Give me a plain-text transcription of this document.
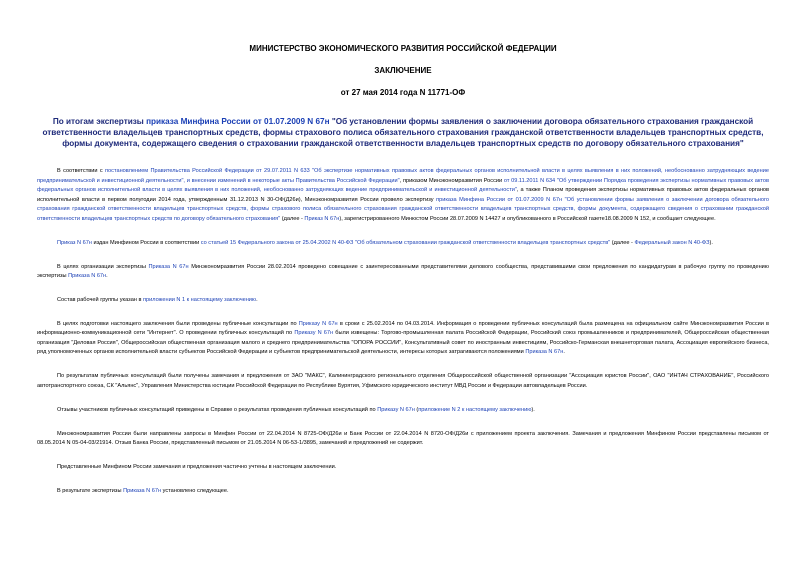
МИНИСТЕРСТВО ЭКОНОМИЧЕСКОГО РАЗВИТИЯ РОССИЙСКОЙ ФЕДЕРАЦИИ
ЗАКЛЮЧЕНИЕ
от 27 мая 2014 года N 11771-ОФ
По итогам экспертизы приказа Минфина России от 01.07.2009 N 67н "Об установлении формы заявления о заключении договора обязательного страхования гражданской ответственности владельцев транспортных средств, формы страхового полиса обязательного страхования гражданской ответственности владельцев транспортных средств, формы документа, содержащего сведения о страховании гражданской ответственности владельцев транспортных средств по договору обязательного страхования"

В соответствии с постановлением Правительства Российской Федерации от 29.07.2011 N 633 "Об экспертизе нормативных правовых актов федеральных органов исполнительной власти в целях выявления в них положений, необоснованно затрудняющих ведение предпринимательской и инвестиционной деятельности", и внесении изменений в некоторые акты Правительства Российской Федерации", приказом Минэкономразвития России от 09.11.2011 N 634 "Об утверждении Порядка проведения экспертизы нормативных правовых актов федеральных органов исполнительной власти в целях выявления в них положений, необоснованно затрудняющих ведение предпринимательской и инвестиционной деятельности", а также Планом проведения экспертизы нормативных правовых актов федеральных органов исполнительной власти в первом полугодии 2014 года, утвержденным 31.12.2013 N 30-ОФ(Д26и), Минэкономразвития России провело экспертизу приказа Минфина России от 01.07.2009 N 67н "Об установлении формы заявления о заключении договора обязательного страхования гражданской ответственности владельцев транспортных средств, формы страхового полиса обязательного страхования гражданской ответственности владельцев транспортных средств, формы документа, содержащего сведения о страховании гражданской ответственности владельцев транспортных средств по договору обязательного страхования" (далее - Приказ N 67н), зарегистрированного Минюстом России 28.07.2009 N 14427 и опубликованного в Российской газете18.08.2009 N 152, и сообщает следующее.

Приказ N 67н издан Минфином России в соответствии со статьей 15 Федерального закона от 25.04.2002 N 40-ФЗ "Об обязательном страховании гражданской ответственности владельцев транспортных средств" (далее - Федеральный закон N 40-ФЗ).

В целях организации экспертизы Приказа N 67н Минэкономразвития России 28.02.2014 проведено совещание с заинтересованными представителями делового сообщества, представившими свои предложения по кандидатурам в рабочую группу по проведению экспертизы Приказа N 67н.

Состав рабочей группы указан в приложении N 1 к настоящему заключению.

В целях подготовки настоящего заключения были проведены публичные консультации по Приказу N 67н в сроки с 25.02.2014 по 04.03.2014. Информация о проведении публичных консультаций была размещена на официальном сайте Минэкономразвития России в информационно-коммуникационной сети "Интернет". О проведении публичных консультаций по Приказу N 67н были извещены: Торгово-промышленная палата Российской Федерации, Российский союз промышленников и предпринимателей, Общероссийская общественная организация "Деловая Россия", Общероссийская общественная организация малого и среднего предпринимательства "ОПОРА РОССИИ", Консультативный совет по иностранным инвестициям, Российско-Германская внешнеторговая палата, Ассоциация европейского бизнеса, ряд уполномоченных органов исполнительной власти субъектов Российской Федерации и субъектов предпринимательской деятельности, интересы которых затрагиваются положениями Приказа N 67н.

По результатам публичных консультаций были получены замечания и предложения от ЗАО "МАКС", Калининградского регионального отделения Общероссийской общественной организации "Ассоциация юристов России", ОАО "ИНТАЧ СТРАХОВАНИЕ", Российского автотранспортного союза, СК "Альянс", Управления Министерства юстиции Российской Федерации по Республике Бурятия, Уфимского юридического институт МВД России и Федерации автовладельцев России.

Отзывы участников публичных консультаций приведены в Справке о результатах проведения публичных консультаций по Приказу N 67н (приложение N 2 к настоящему заключению).

Минэкономразвития России были направлены запросы в Минфин России от 22.04.2014 N 8725-ОФ/Д26и и Банк России от 22.04.2014 N 8720-ОФ/Д26и с приложением проекта заключения. Замечания и предложения Минфином России представлены письмом от 08.05.2014 N 05-04-03/21914. Отзыв Банка России, представленный письмом от 21.05.2014 N 06-53-1/3895, замечаний и предложений не содержит.

Представленные Минфином России замечания и предложения частично учтены в настоящем заключении.

В результате экспертизы Приказа N 67н установлено следующее.
